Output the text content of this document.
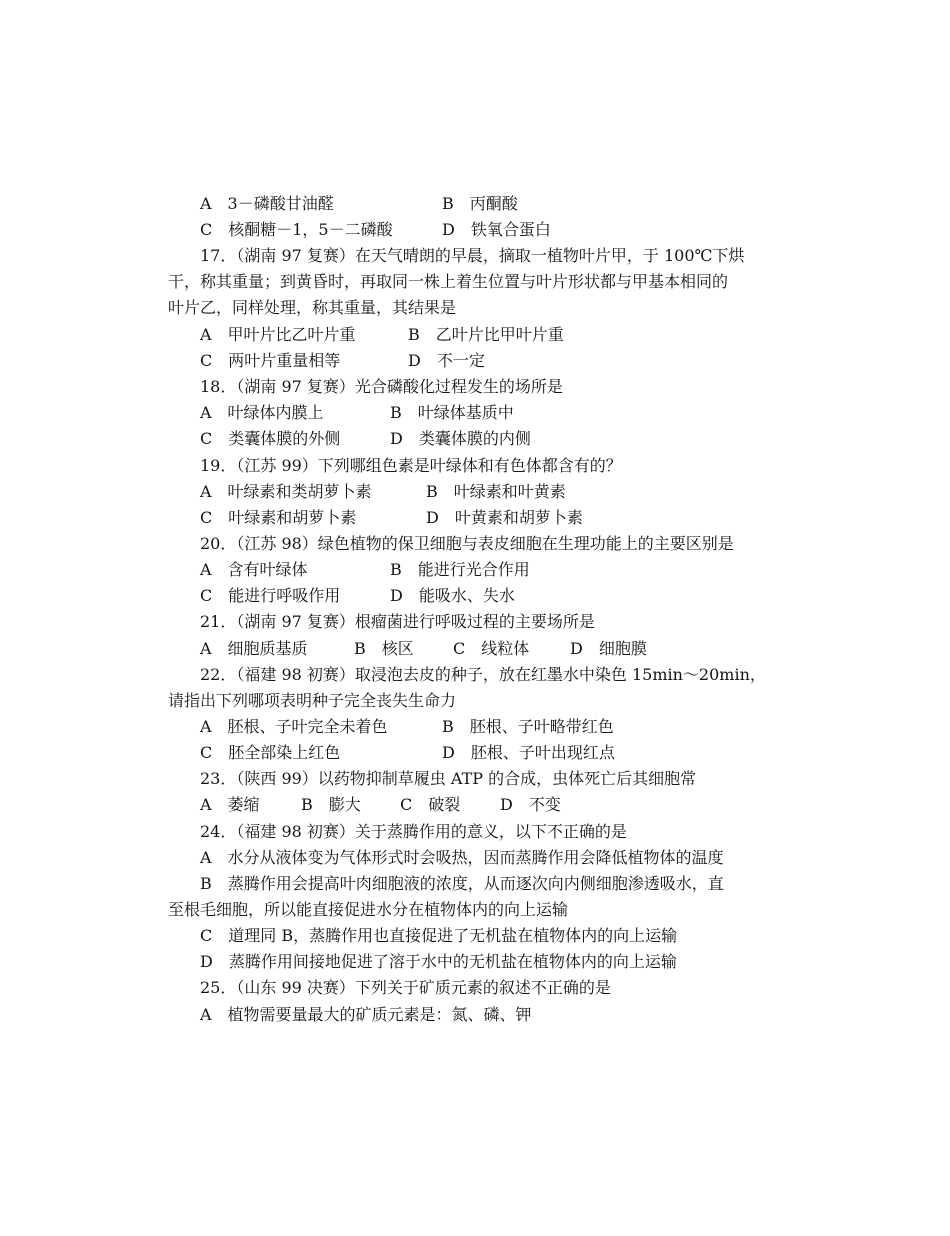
A　3－磷酸甘油醛	B　丙酮酸
C　核酮糖－1，5－二磷酸	D　铁氧合蛋白
17．（湖南 97 复赛）在天气晴朗的早晨，摘取一植物叶片甲，于 100℃下烘
干，称其重量；到黄昏时，再取同一株上着生位置与叶片形状都与甲基本相同的
叶片乙，同样处理，称其重量，其结果是
A　甲叶片比乙叶片重	B　乙叶片比甲叶片重
C　两叶片重量相等	D　不一定
18．（湖南 97 复赛）光合磷酸化过程发生的场所是
A　叶绿体内膜上	B　叶绿体基质中
C　类囊体膜的外侧	D　类囊体膜的内侧
19．（江苏 99）下列哪组色素是叶绿体和有色体都含有的？
A　叶绿素和类胡萝卜素	B　叶绿素和叶黄素
C　叶绿素和胡萝卜素	D　叶黄素和胡萝卜素
20．（江苏 98）绿色植物的保卫细胞与表皮细胞在生理功能上的主要区别是
A　含有叶绿体	B　能进行光合作用
C　能进行呼吸作用	D　能吸水、失水
21．（湖南 97 复赛）根瘤菌进行呼吸过程的主要场所是
A　细胞质基质	B　核区 C　线粒体	D　细胞膜
22．（福建 98 初赛）取浸泡去皮的种子，放在红墨水中染色 15min～20min，
请指出下列哪项表明种子完全丧失生命力
A　胚根、子叶完全未着色	B　胚根、子叶略带红色
C　胚全部染上红色	D　胚根、子叶出现红点
23．（陕西 99）以药物抑制草履虫 ATP 的合成，虫体死亡后其细胞常
A　萎缩	B　膨大 C　破裂 D　不变
24．（福建 98 初赛）关于蒸腾作用的意义，以下不正确的是
A　水分从液体变为气体形式时会吸热，因而蒸腾作用会降低植物体的温度
B　蒸腾作用会提高叶肉细胞液的浓度，从而逐次向内侧细胞渗透吸水，直
至根毛细胞，所以能直接促进水分在植物体内的向上运输
C　道理同 B，蒸腾作用也直接促进了无机盐在植物体内的向上运输
D　蒸腾作用间接地促进了溶于水中的无机盐在植物体内的向上运输
25．（山东 99 决赛）下列关于矿质元素的叙述不正确的是
A　植物需要量最大的矿质元素是：氮、磷、钾
